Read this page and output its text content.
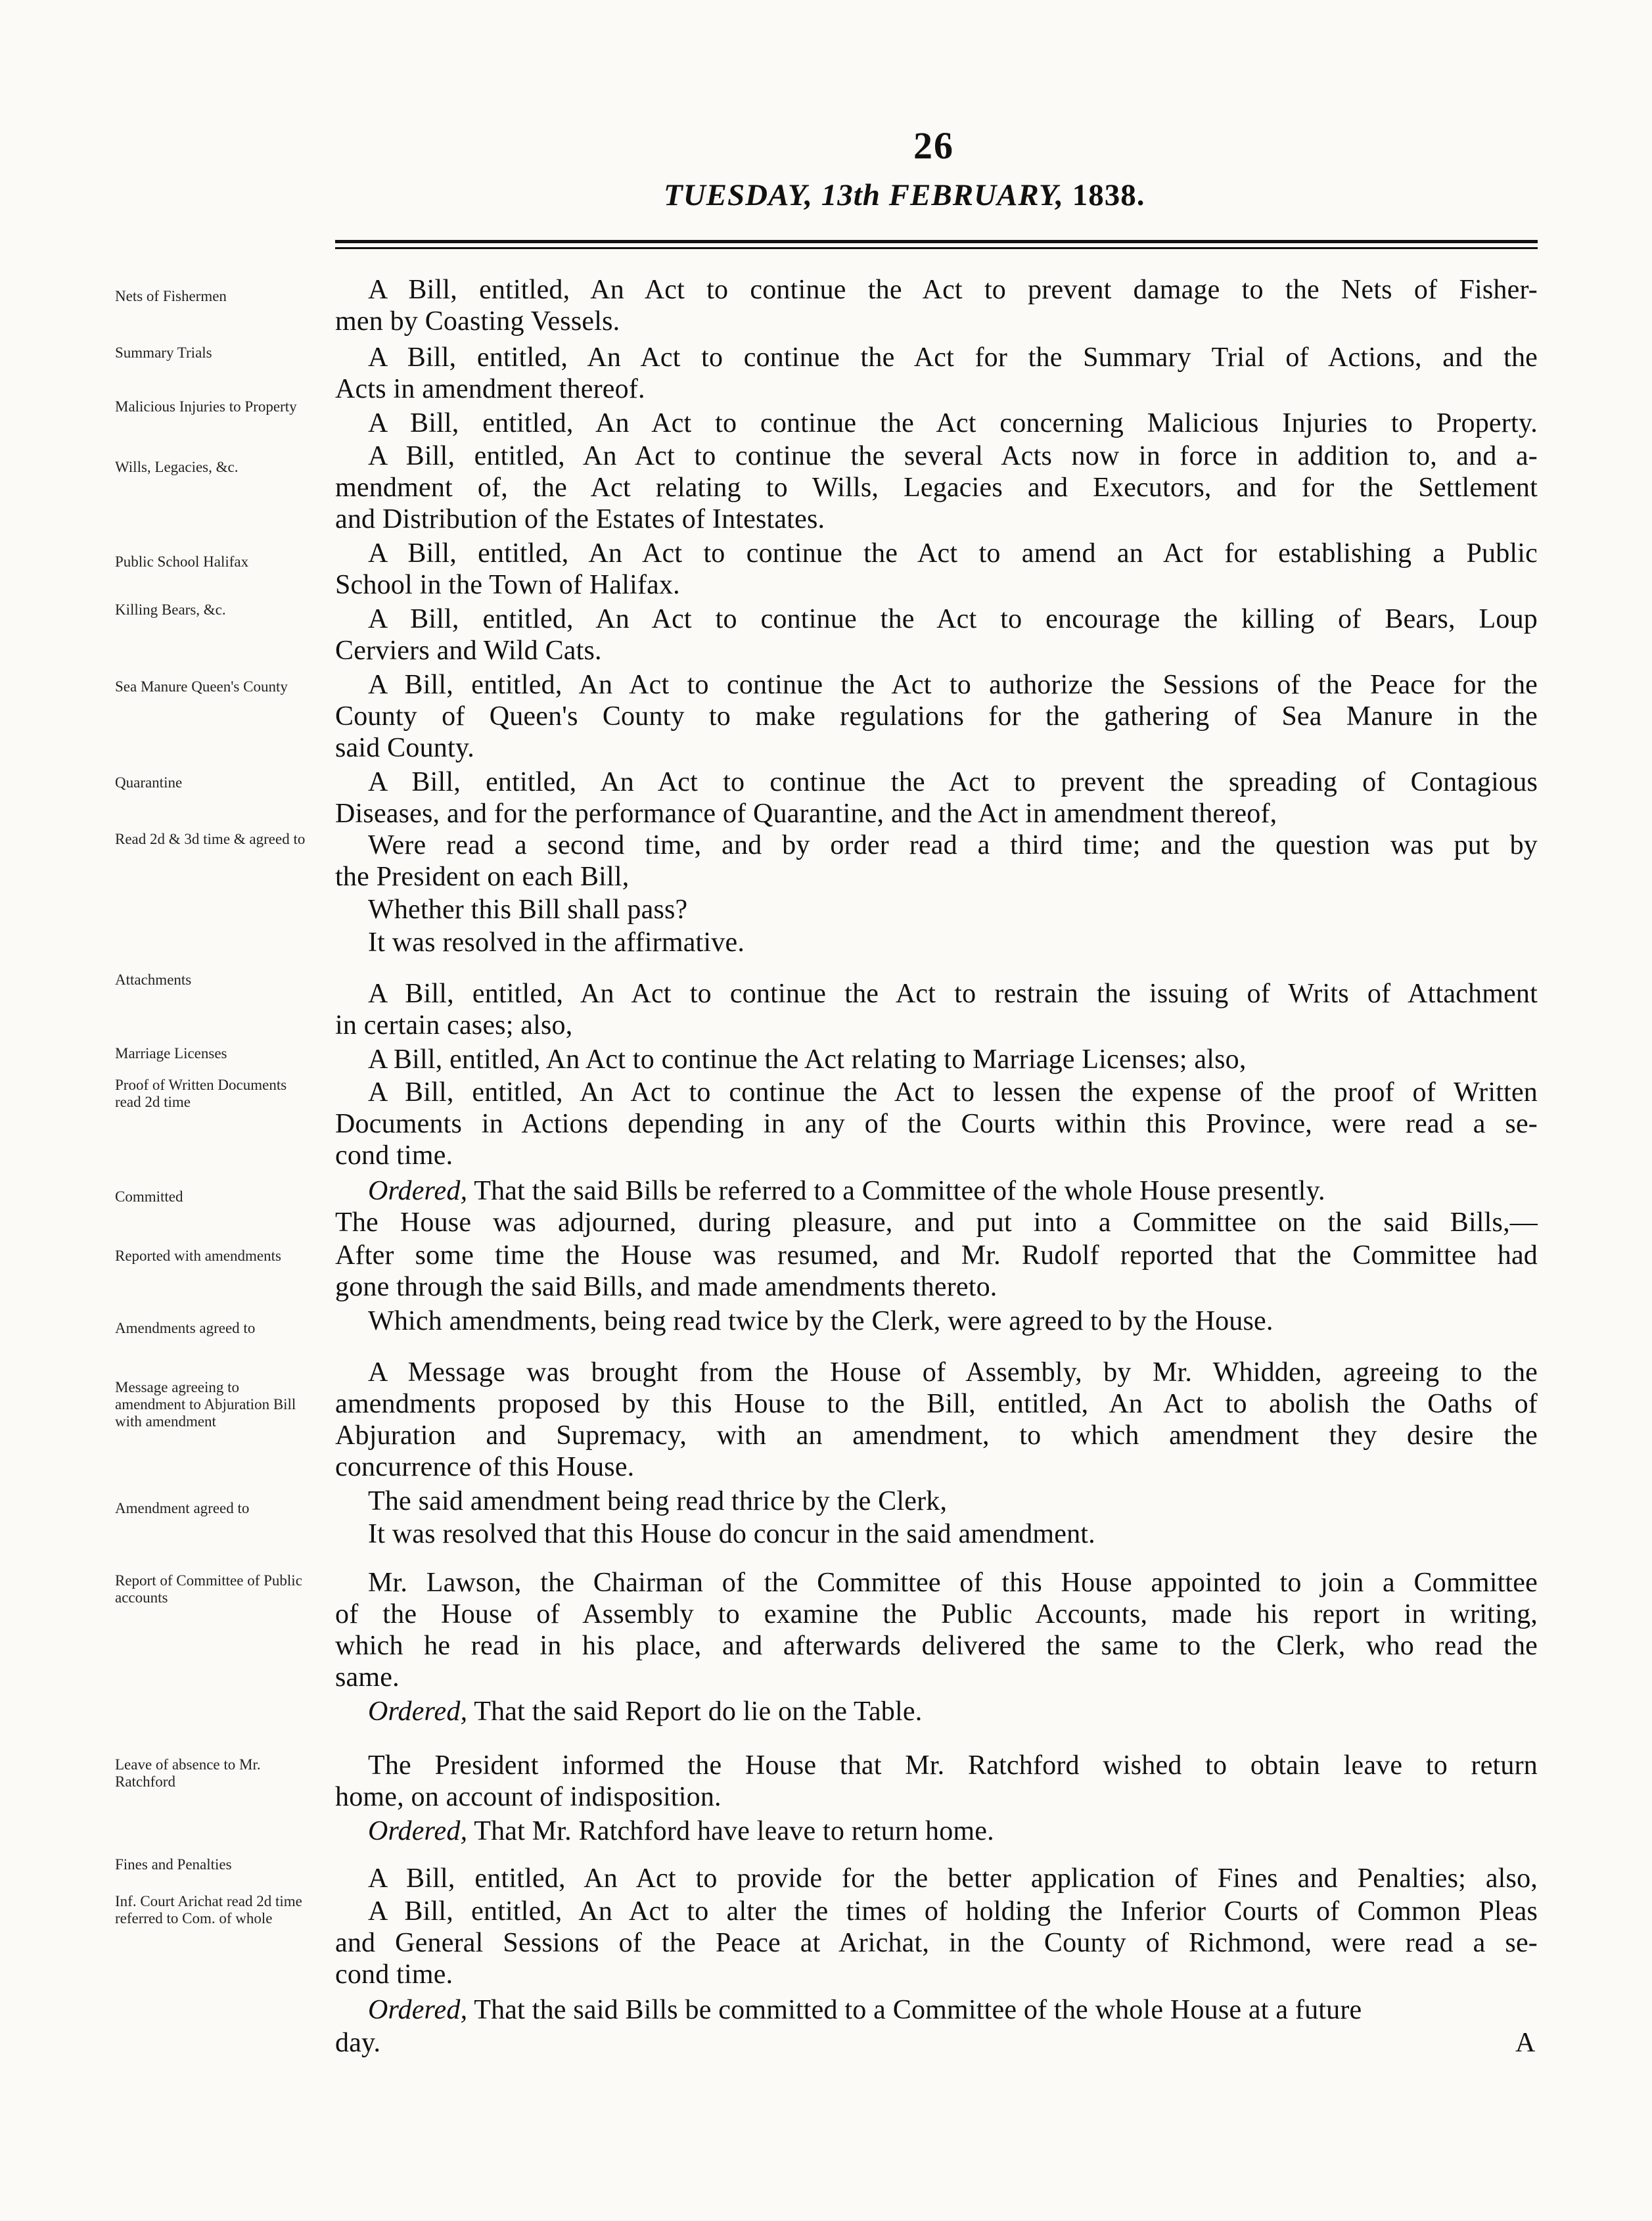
26
TUESDAY, 13th FEBRUARY, 1838.
Nets of Fishermen
Summary Trials
Malicious Injuries to Property
Wills, Legacies, &c.
Public School Halifax
Killing Bears, &c.
Sea Manure Queen's County
Quarantine
Read 2d & 3d time & agreed to
Attachments
Marriage Licenses
Proof of Written Documents read 2d time
Committed
Reported with amendments
Amendments agreed to
Message agreeing to amendment to Abjuration Bill with amendment
Amendment agreed to
Report of Committee of Public accounts
Leave of absence to Mr. Ratchford
Fines and Penalties
Inf. Court Arichat read 2d time referred to Com. of whole
A Bill, entitled, An Act to continue the Act to prevent damage to the Nets of Fisher-
men by Coasting Vessels.
A Bill, entitled, An Act to continue the Act for the Summary Trial of Actions, and the
Acts in amendment thereof.
A Bill, entitled, An Act to continue the Act concerning Malicious Injuries to Property.
A Bill, entitled, An Act to continue the several Acts now in force in addition to, and a-
mendment of, the Act relating to Wills, Legacies and Executors, and for the Settlement
and Distribution of the Estates of Intestates.
A Bill, entitled, An Act to continue the Act to amend an Act for establishing a Public
School in the Town of Halifax.
A Bill, entitled, An Act to continue the Act to encourage the killing of Bears, Loup
Cerviers and Wild Cats.
A Bill, entitled, An Act to continue the Act to authorize the Sessions of the Peace for the
County of Queen's County to make regulations for the gathering of Sea Manure in the
said County.
A Bill, entitled, An Act to continue the Act to prevent the spreading of Contagious
Diseases, and for the performance of Quarantine, and the Act in amendment thereof,
Were read a second time, and by order read a third time; and the question was put by
the President on each Bill,
Whether this Bill shall pass?
It was resolved in the affirmative.
A Bill, entitled, An Act to continue the Act to restrain the issuing of Writs of Attachment
in certain cases; also,
A Bill, entitled, An Act to continue the Act relating to Marriage Licenses; also,
A Bill, entitled, An Act to continue the Act to lessen the expense of the proof of Written
Documents in Actions depending in any of the Courts within this Province, were read a se-
cond time.
Ordered, That the said Bills be referred to a Committee of the whole House presently.
The House was adjourned, during pleasure, and put into a Committee on the said Bills,—
After some time the House was resumed, and Mr. Rudolf reported that the Committee had
gone through the said Bills, and made amendments thereto.
Which amendments, being read twice by the Clerk, were agreed to by the House.
A Message was brought from the House of Assembly, by Mr. Whidden, agreeing to the
amendments proposed by this House to the Bill, entitled, An Act to abolish the Oaths of
Abjuration and Supremacy, with an amendment, to which amendment they desire the
concurrence of this House.
The said amendment being read thrice by the Clerk,
It was resolved that this House do concur in the said amendment.
Mr. Lawson, the Chairman of the Committee of this House appointed to join a Committee
of the House of Assembly to examine the Public Accounts, made his report in writing,
which he read in his place, and afterwards delivered the same to the Clerk, who read the
same.
Ordered, That the said Report do lie on the Table.
The President informed the House that Mr. Ratchford wished to obtain leave to return
home, on account of indisposition.
Ordered, That Mr. Ratchford have leave to return home.
A Bill, entitled, An Act to provide for the better application of Fines and Penalties; also,
A Bill, entitled, An Act to alter the times of holding the Inferior Courts of Common Pleas
and General Sessions of the Peace at Arichat, in the County of Richmond, were read a se-
cond time.
Ordered, That the said Bills be committed to a Committee of the whole House at a future
day.	A
